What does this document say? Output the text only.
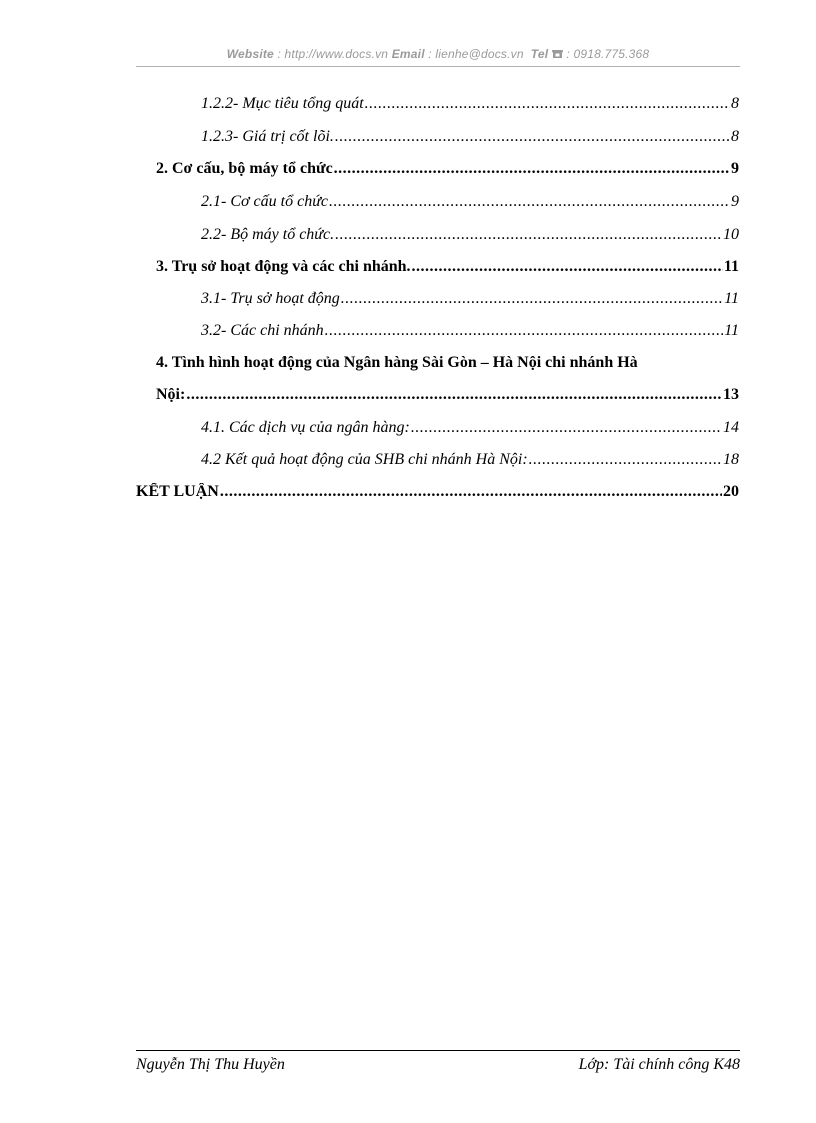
Website : http://www.docs.vn Email : lienhe@docs.vn  Tel  : 0918.775.368
1.2.2- Mục tiêu tổng quát .....	8
1.2.3- Giá trị cốt lõi. .....	8
2. Cơ cấu, bộ máy tổ chức .....	9
2.1- Cơ cấu tổ chức .....	9
2.2- Bộ máy tổ chức. .....	10
3. Trụ sở hoạt động và các chi nhánh. .....	11
3.1- Trụ sở hoạt động .....	11
3.2- Các chi nhánh .....	11
4. Tình hình hoạt động của Ngân hàng Sài Gòn – Hà Nội chi nhánh Hà
Nội: .....	13
4.1. Các dịch vụ của ngân hàng: .....	14
4.2 Kết quả hoạt động của SHB chi nhánh Hà Nội: .....	18
KẾT LUẬN .....	20
Nguyễn Thị Thu Huyền	Lớp: Tài chính công K48
